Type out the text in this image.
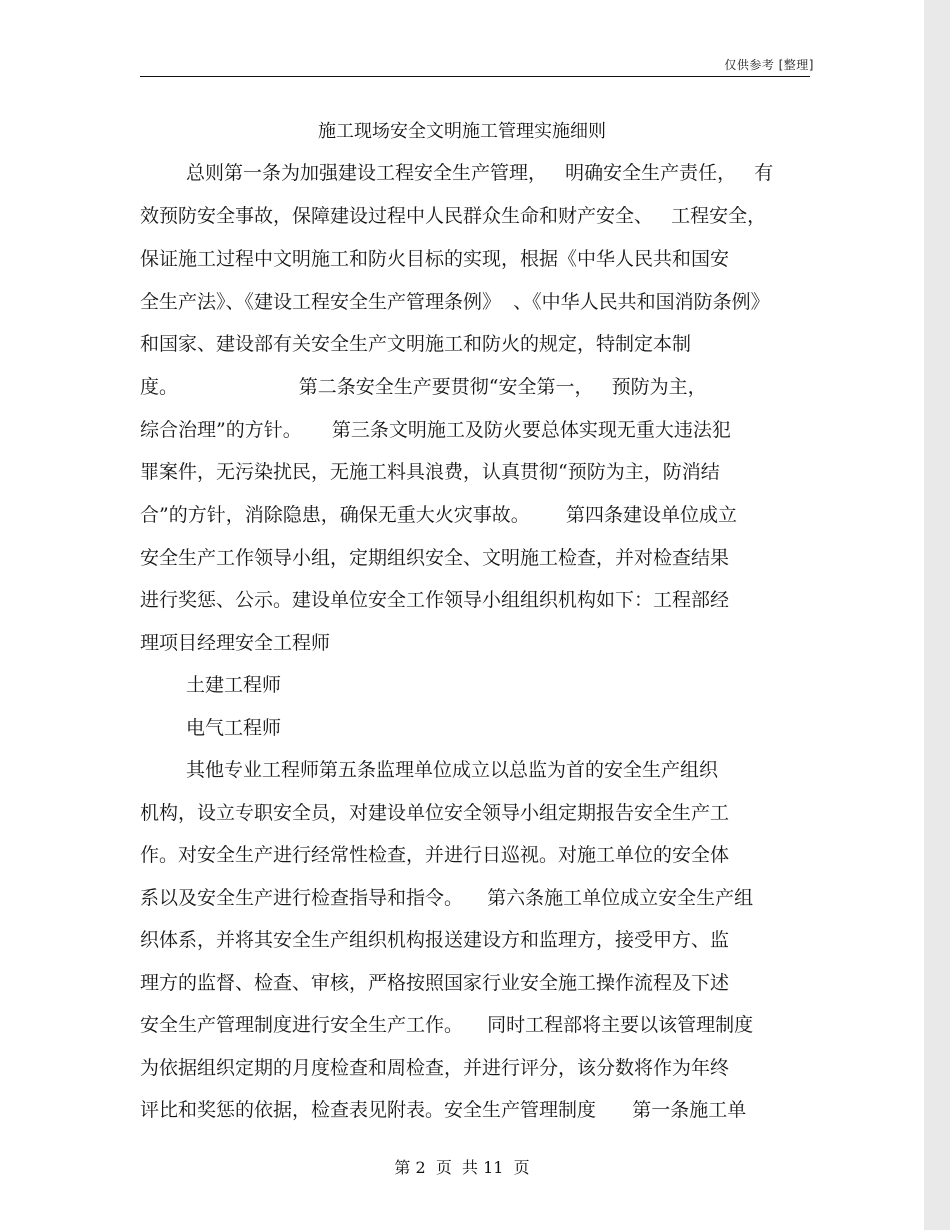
仅供参考 [整理]
施工现场安全文明施工管理实施细则
总则第一条为加强建设工程安全生产管理，   明确安全生产责任，   有
效预防安全事故，保障建设过程中人民群众生命和财产安全、   工程安全，
保证施工过程中文明施工和防火目标的实现，根据《中华人民共和国安
全生产法》、《建设工程安全生产管理条例》  、《中华人民共和国消防条例》
和国家、建设部有关安全生产文明施工和防火的规定，特制定本制
度。                    第二条安全生产要贯彻“安全第一，   预防为主，
综合治理”的方针。     第三条文明施工及防火要总体实现无重大违法犯
罪案件，无污染扰民，无施工料具浪费，认真贯彻“预防为主，防消结
合”的方针，消除隐患，确保无重大火灾事故。      第四条建设单位成立
安全生产工作领导小组，定期组织安全、文明施工检查，并对检查结果
进行奖惩、公示。建设单位安全工作领导小组组织机构如下：工程部经
理项目经理安全工程师
土建工程师
电气工程师
其他专业工程师第五条监理单位成立以总监为首的安全生产组织
机构，设立专职安全员，对建设单位安全领导小组定期报告安全生产工
作。对安全生产进行经常性检查，并进行日巡视。对施工单位的安全体
系以及安全生产进行检查指导和指令。    第六条施工单位成立安全生产组
织体系，并将其安全生产组织机构报送建设方和监理方，接受甲方、监
理方的监督、检查、审核，严格按照国家行业安全施工操作流程及下述
安全生产管理制度进行安全生产工作。    同时工程部将主要以该管理制度
为依据组织定期的月度检查和周检查，并进行评分，该分数将作为年终
评比和奖惩的依据，检查表见附表。安全生产管理制度      第一条施工单
第 2  页  共 11  页
